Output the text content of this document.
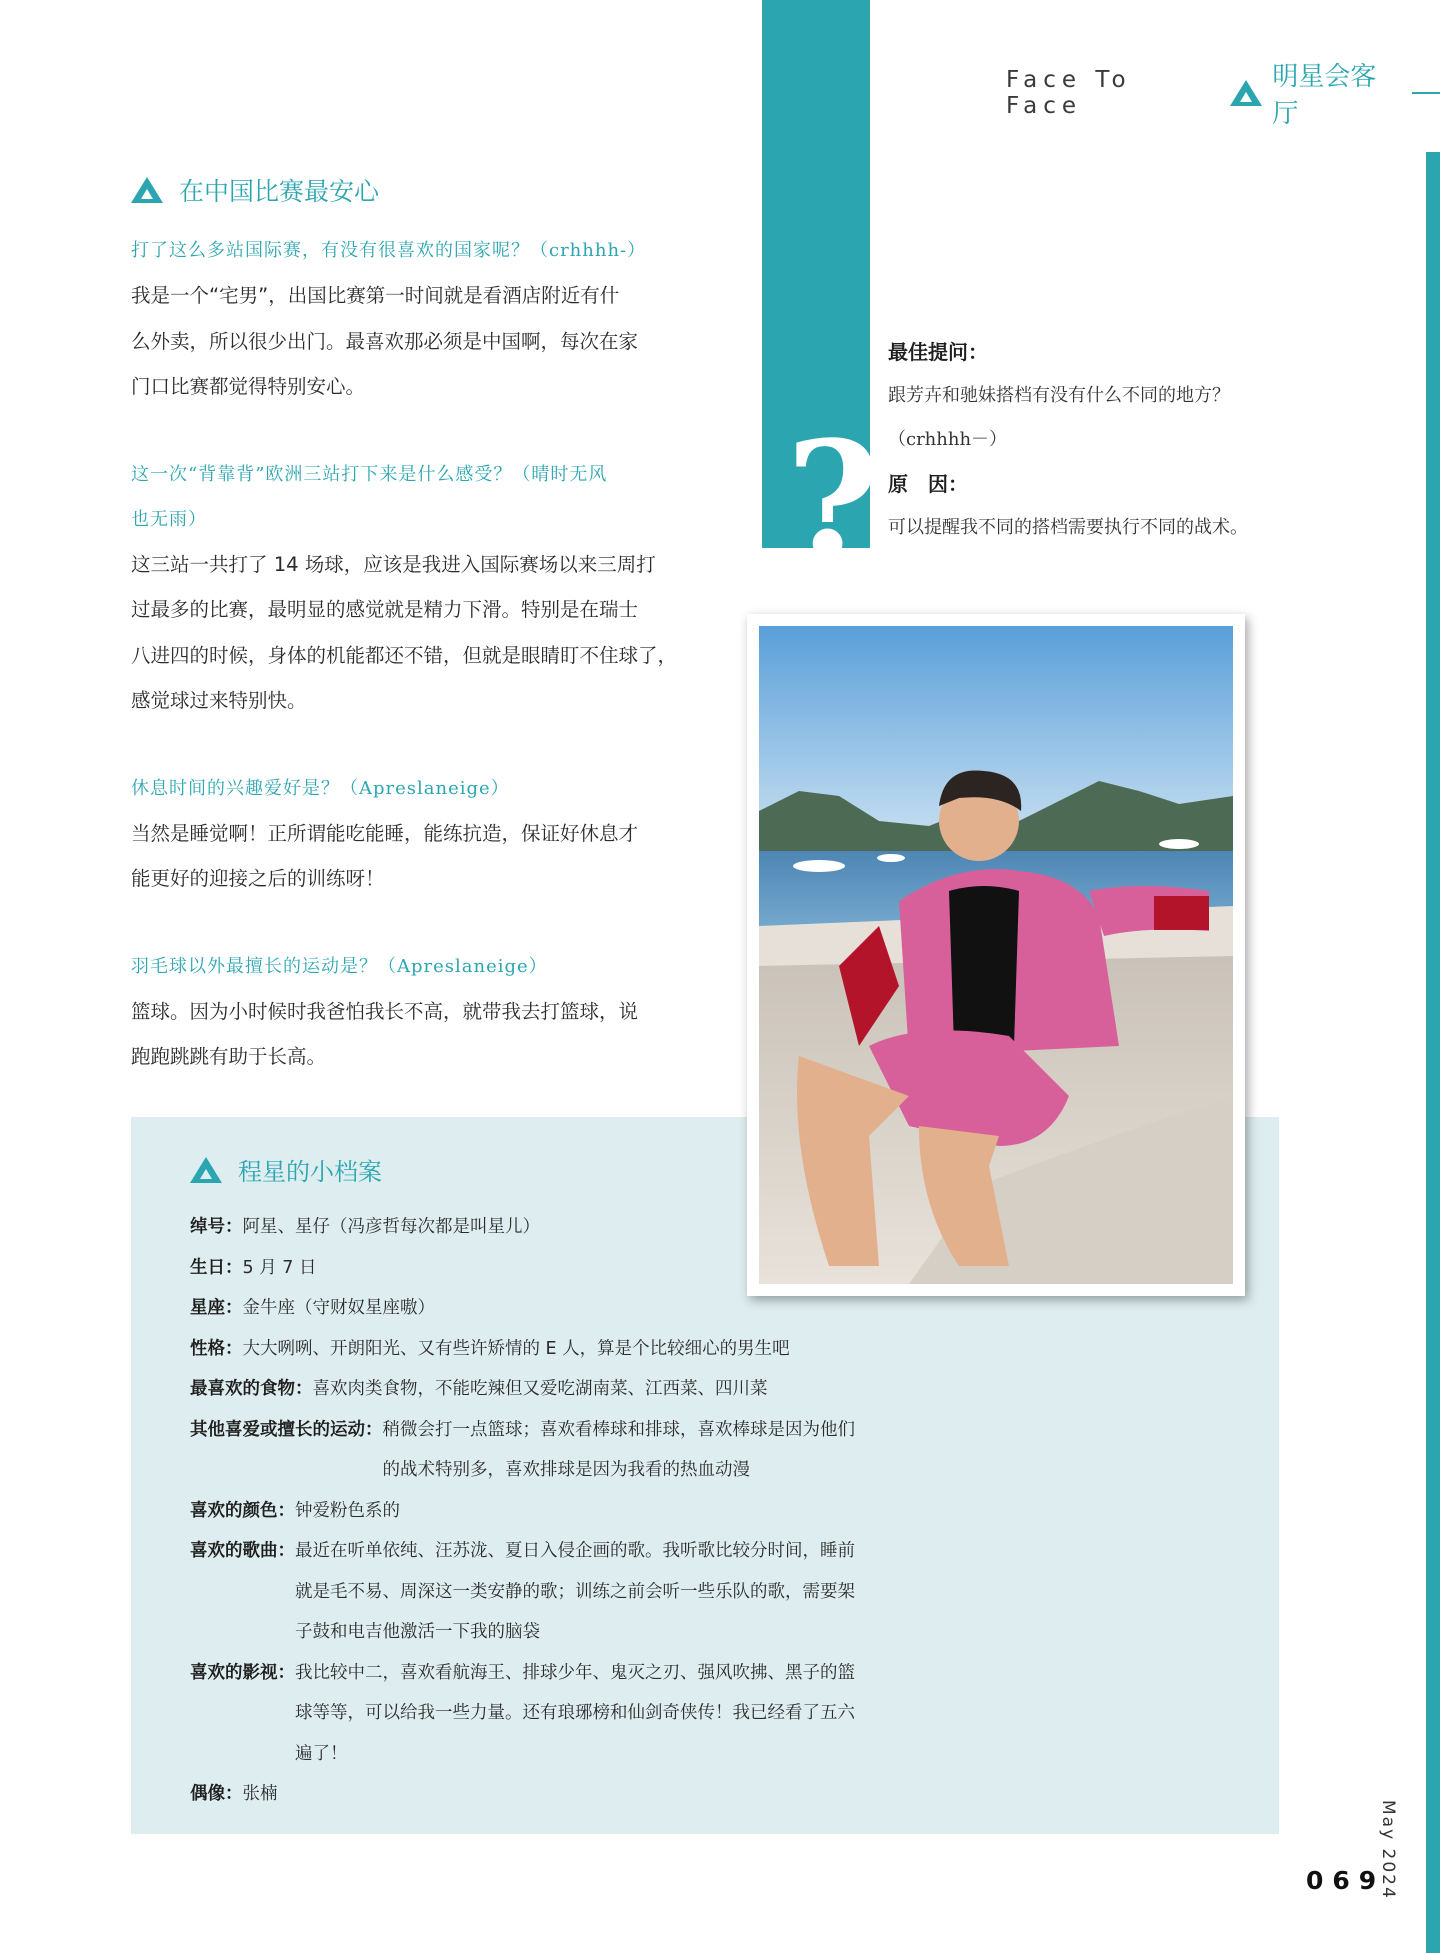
?
Face To Face
明星会客厅
在中国比赛最安心
打了这么多站国际赛，有没有很喜欢的国家呢？（crhhhh-）
我是一个“宅男”，出国比赛第一时间就是看酒店附近有什
么外卖，所以很少出门。最喜欢那必须是中国啊，每次在家
门口比赛都觉得特别安心。
这一次“背靠背”欧洲三站打下来是什么感受？（晴时无风
也无雨）
这三站一共打了 14 场球，应该是我进入国际赛场以来三周打
过最多的比赛，最明显的感觉就是精力下滑。特别是在瑞士
八进四的时候，身体的机能都还不错，但就是眼睛盯不住球了，
感觉球过来特别快。
休息时间的兴趣爱好是？（Apreslaneige）
当然是睡觉啊！正所谓能吃能睡，能练抗造，保证好休息才
能更好的迎接之后的训练呀！
羽毛球以外最擅长的运动是？（Apreslaneige）
篮球。因为小时候时我爸怕我长不高，就带我去打篮球，说
跑跑跳跳有助于长高。
最佳提问：
跟芳卉和驰妹搭档有没有什么不同的地方？
（crhhhh－）
原　因：
可以提醒我不同的搭档需要执行不同的战术。
程星的小档案
绰号： 阿星、星仔（冯彦哲每次都是叫星儿）
生日： 5 月 7 日
星座： 金牛座（守财奴星座嗷）
性格： 大大咧咧、开朗阳光、又有些许矫情的 E 人，算是个比较细心的男生吧
最喜欢的食物： 喜欢肉类食物，不能吃辣但又爱吃湖南菜、江西菜、四川菜
其他喜爱或擅长的运动： 稍微会打一点篮球；喜欢看棒球和排球，喜欢棒球是因为他们
的战术特别多，喜欢排球是因为我看的热血动漫
喜欢的颜色： 钟爱粉色系的
喜欢的歌曲： 最近在听单依纯、汪苏泷、夏日入侵企画的歌。我听歌比较分时间，睡前
就是毛不易、周深这一类安静的歌；训练之前会听一些乐队的歌，需要架
子鼓和电吉他激活一下我的脑袋
喜欢的影视： 我比较中二，喜欢看航海王、排球少年、鬼灭之刃、强风吹拂、黑子的篮
球等等，可以给我一些力量。还有琅琊榜和仙剑奇侠传！我已经看了五六
遍了！
偶像： 张楠
069
May 2024
